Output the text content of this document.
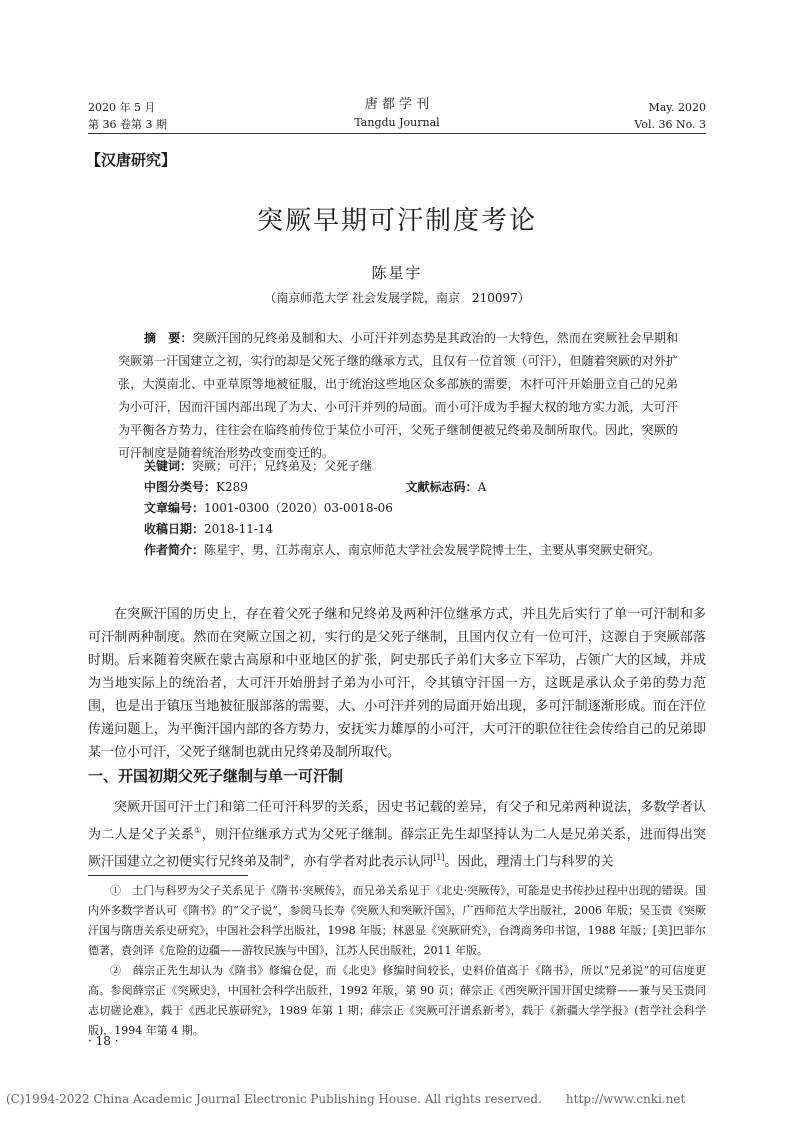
2020 年 5 月
第 36 卷第 3 期
唐 都 学 刊
Tangdu Journal
May. 2020
Vol. 36 No. 3
【汉唐研究】
突厥早期可汗制度考论
陈星宇
（南京师范大学 社会发展学院，南京　210097）
摘　要：突厥汗国的兄终弟及制和大、小可汗并列态势是其政治的一大特色，然而在突厥社会早期和突厥第一汗国建立之初，实行的却是父死子继的继承方式，且仅有一位首领（可汗），但随着突厥的对外扩张，大漠南北、中亚草原等地被征服，出于统治这些地区众多部族的需要，木杆可汗开始册立自己的兄弟为小可汗，因而汗国内部出现了为大、小可汗并列的局面。而小可汗成为手握大权的地方实力派，大可汗为平衡各方势力，往往会在临终前传位于某位小可汗，父死子继制便被兄终弟及制所取代。因此，突厥的可汗制度是随着统治形势改变而变迁的。
关键词：突厥；可汗；兄终弟及；父死子继
中图分类号：K289	文献标志码：A
文章编号：1001-0300（2020）03-0018-06
收稿日期：2018-11-14
作者简介： 陈星宇，男，江苏南京人，南京师范大学社会发展学院博士生，主要从事突厥史研究。

在突厥汗国的历史上，存在着父死子继和兄终弟及两种汗位继承方式，并且先后实行了单一可汗制和多可汗制两种制度。然而在突厥立国之初，实行的是父死子继制，且国内仅立有一位可汗，这源自于突厥部落时期。后来随着突厥在蒙古高原和中亚地区的扩张，阿史那氏子弟们大多立下军功，占领广大的区域，并成为当地实际上的统治者，大可汗开始册封子弟为小可汗，令其镇守汗国一方，这既是承认众子弟的势力范围，也是出于镇压当地被征服部落的需要，大、小可汗并列的局面开始出现，多可汗制逐渐形成。而在汗位传递问题上，为平衡汗国内部的各方势力，安抚实力雄厚的小可汗，大可汗的职位往往会传给自己的兄弟即某一位小可汗，父死子继制也就由兄终弟及制所取代。

一、开国初期父死子继制与单一可汗制

突厥开国可汗土门和第二任可汗科罗的关系，因史书记载的差异，有父子和兄弟两种说法，多数学者认为二人是父子关系①，则汗位继承方式为父死子继制。薛宗正先生却坚持认为二人是兄弟关系，进而得出突厥汗国建立之初便实行兄终弟及制②，亦有学者对此表示认同[1]。因此，理清土门与科罗的关

①　土门与科罗为父子关系见于《隋书·突厥传》，而兄弟关系见于《北史·突厥传》，可能是史书传抄过程中出现的错误。国内外多数学者认可《隋书》的“父子说”，参阅马长寿《突厥人和突厥汗国》，广西师范大学出版社，2006 年版；吴玉贵《突厥汗国与隋唐关系史研究》，中国社会科学出版社，1998 年版；林恩显《突厥研究》，台湾商务印书馆，1988 年版；[美]巴菲尔德著，袁剑译《危险的边疆——游牧民族与中国》，江苏人民出版社，2011 年版。

②　薛宗正先生却认为《隋书》修编仓促，而《北史》修编时间较长，史料价值高于《隋书》，所以“兄弟说”的可信度更高。参阅薛宗正《突厥史》，中国社会科学出版社，1992 年版，第 90 页；薛宗正《西突厥汗国开国史续辩——兼与吴玉贵同志切磋论难》，载于《西北民族研究》，1989 年第 1 期；薛宗正《突厥可汗谱系新考》，载于《新疆大学学报》(哲学社会科学版)，1994 年第 4 期。

· 18 ·
(C)1994-2022 China Academic Journal Electronic Publishing House. All rights reserved.　　http://www.cnki.net
